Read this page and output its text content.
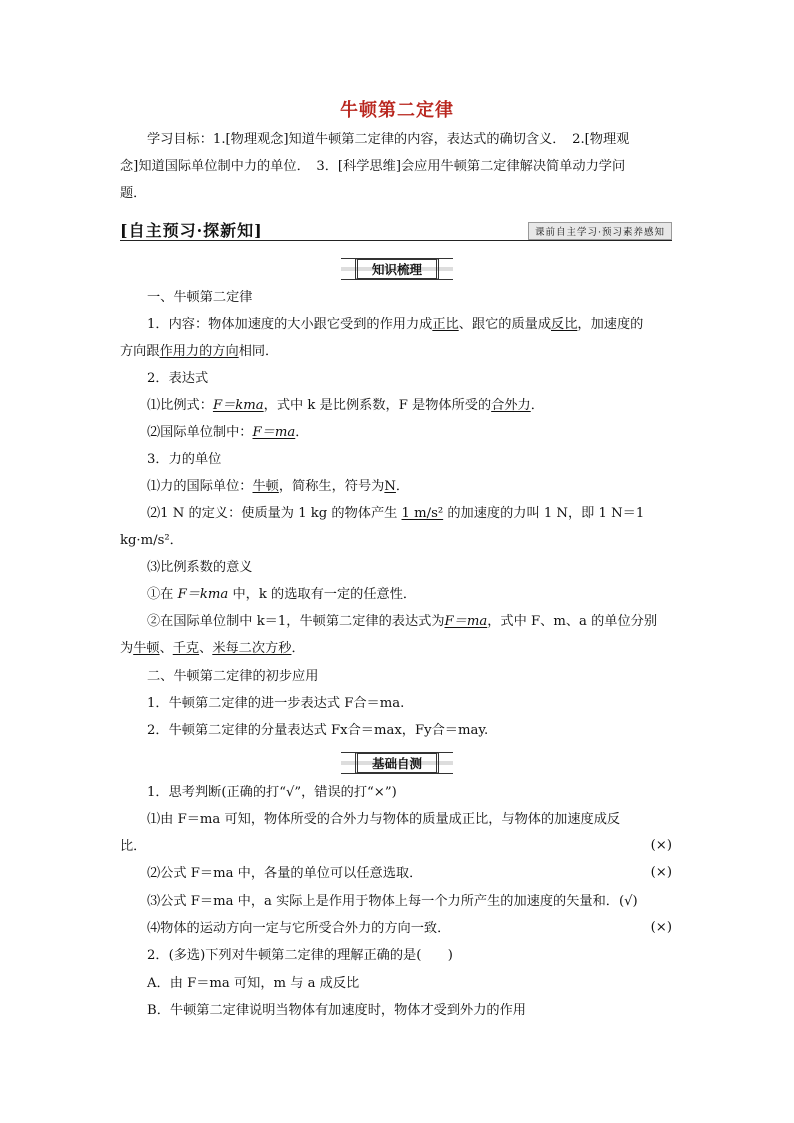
牛顿第二定律
学习目标：1.[物理观念]知道牛顿第二定律的内容，表达式的确切含义．　2.[物理观
念]知道国际单位制中力的单位．　3．[科学思维]会应用牛顿第二定律解决简单动力学问
题．
[自主预习·探新知]	课前自主学习·预习素养感知
知识梳理
一、牛顿第二定律
1．内容：物体加速度的大小跟它受到的作用力成正比、跟它的质量成反比，加速度的
方向跟作用力的方向相同．
2．表达式
⑴比例式：F＝kma，式中 k 是比例系数，F 是物体所受的合外力．
⑵国际单位制中：F＝ma．
3．力的单位
⑴力的国际单位：牛顿，简称生，符号为N．
⑵1 N 的定义：使质量为 1 kg 的物体产生 1 m/s² 的加速度的力叫 1 N，即 1 N＝1
kg·m/s²．
⑶比例系数的意义
①在 F＝kma 中，k 的选取有一定的任意性．
②在国际单位制中 k＝1，牛顿第二定律的表达式为F＝ma，式中 F、m、a 的单位分别
为牛顿、千克、米每二次方秒．
二、牛顿第二定律的初步应用
1．牛顿第二定律的进一步表达式 F合＝ma.
2．牛顿第二定律的分量表达式 Fx合＝max，Fy合＝may.
基础自测
1．思考判断(正确的打“√”，错误的打“×”)
⑴由 F＝ma 可知，物体所受的合外力与物体的质量成正比，与物体的加速度成反
比．	(×)
⑵公式 F＝ma 中，各量的单位可以任意选取．	(×)
⑶公式 F＝ma 中，a 实际上是作用于物体上每一个力所产生的加速度的矢量和．(√)
⑷物体的运动方向一定与它所受合外力的方向一致．	(×)
2．(多选)下列对牛顿第二定律的理解正确的是(　　)
A．由 F＝ma 可知，m 与 a 成反比
B．牛顿第二定律说明当物体有加速度时，物体才受到外力的作用
